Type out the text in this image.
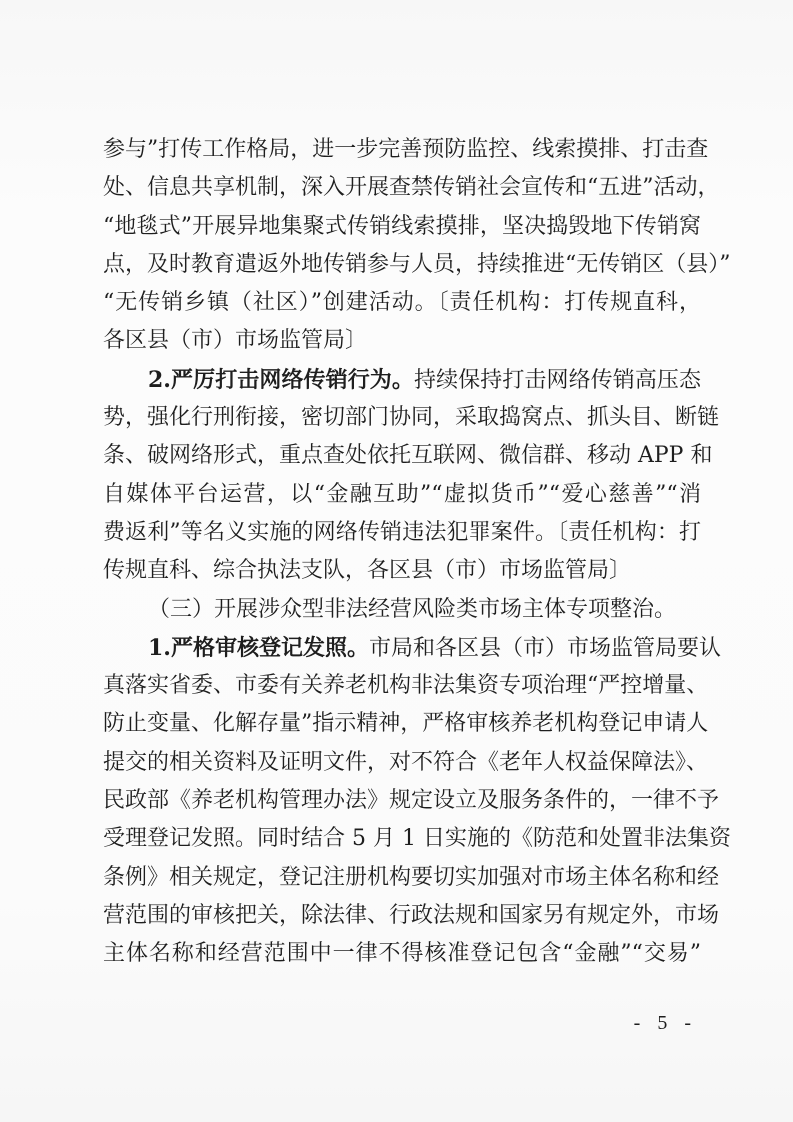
参与”打传工作格局，进一步完善预防监控、线索摸排、打击查
处、信息共享机制，深入开展查禁传销社会宣传和“五进”活动，
“地毯式”开展异地集聚式传销线索摸排，坚决捣毁地下传销窝
点，及时教育遣返外地传销参与人员，持续推进“无传销区（县）”
“无传销乡镇（社区）”创建活动。〔责任机构：打传规直科，
各区县（市）市场监管局〕
2.严厉打击网络传销行为。持续保持打击网络传销高压态
势，强化行刑衔接，密切部门协同，采取捣窝点、抓头目、断链
条、破网络形式，重点查处依托互联网、微信群、移动 APP 和
自媒体平台运营，以“金融互助”“虚拟货币”“爱心慈善”“消
费返利”等名义实施的网络传销违法犯罪案件。〔责任机构：打
传规直科、综合执法支队，各区县（市）市场监管局〕
（三）开展涉众型非法经营风险类市场主体专项整治。
1.严格审核登记发照。市局和各区县（市）市场监管局要认
真落实省委、市委有关养老机构非法集资专项治理“严控增量、
防止变量、化解存量”指示精神，严格审核养老机构登记申请人
提交的相关资料及证明文件，对不符合《老年人权益保障法》、
民政部《养老机构管理办法》规定设立及服务条件的，一律不予
受理登记发照。同时结合 5 月 1 日实施的《防范和处置非法集资
条例》相关规定，登记注册机构要切实加强对市场主体名称和经
营范围的审核把关，除法律、行政法规和国家另有规定外，市场
主体名称和经营范围中一律不得核准登记包含“金融”“交易”
- 5 -
